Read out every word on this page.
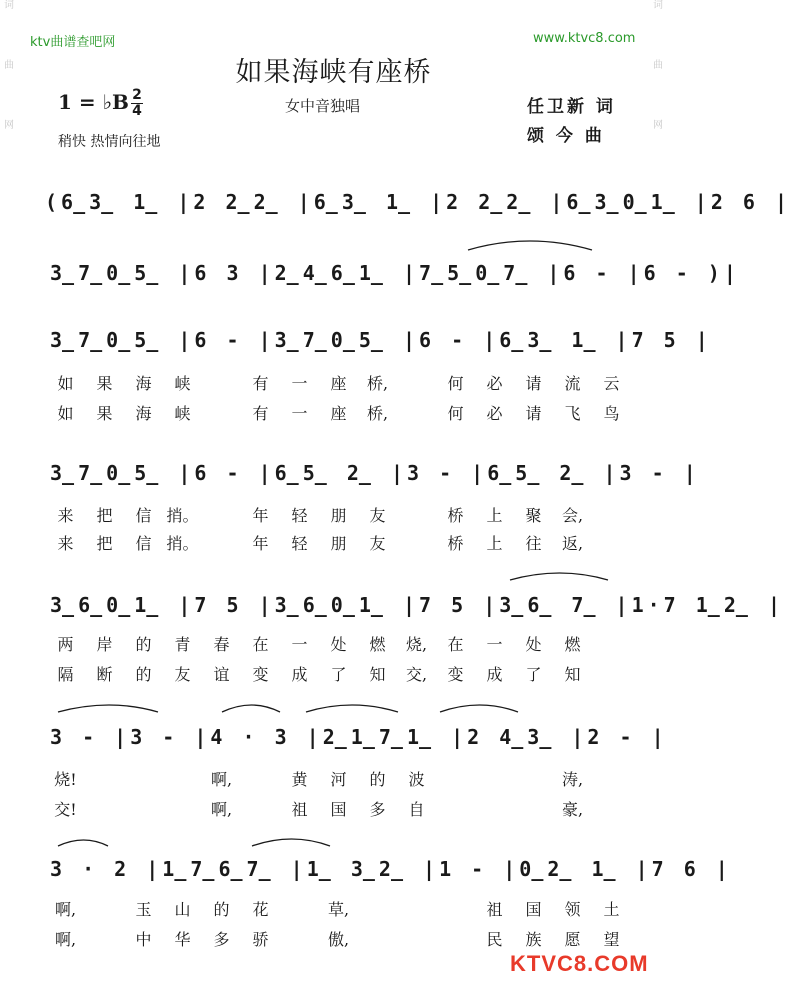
词
曲
网
词
曲
网
ktv曲谱查吧网	www.ktvc8.com
如果海峡有座桥
1 = ♭B 2
4	女中音独唱
稍快 热情向往地
任卫新 词
颂 今 曲
(6̲3̲ 1̲ |2 2̲2̲ |6̲3̲ 1̲ |2 2̲2̲ |6̲3̲0̲1̲ |2 6 |
3̲7̲0̲5̲ |6 3 |2̲4̲6̲1̲ |7̲5̲0̲7̲ |6 - |6 - )|
3̲7̲0̲5̲ |6 - |3̲7̲0̲5̲ |6 - |6̲3̲ 1̲ |7 5 |
3̲7̲0̲5̲ |6 - |6̲5̲ 2̲ |3 - |6̲5̲ 2̲ |3 - |
3̲6̲0̲1̲ |7 5 |3̲6̲0̲1̲ |7 5 |3̲6̲ 7̲ |1·7 1̲2̲ |
3 - |3 - |4 · 3 |2̲1̲7̲1̲ |2 4̲3̲ |2 - |
3 · 2 |1̲7̲6̲7̲ |1̲ 3̲2̲ |1 - |0̲2̲ 1̲ |7 6 |
如 果 海 峡	有 一 座 桥,	何 必 请 流 云
如 果 海 峡	有 一 座 桥,	何 必 请 飞 鸟
来 把 信 捎。	年 轻 朋 友	桥 上 聚 会,
来 把 信 捎。	年 轻 朋 友	桥 上 往 返,
两 岸 的 青 春 在 一 处 燃 烧, 在 一 处 燃
隔 断 的 友 谊 变 成 了 知 交, 变 成 了 知
烧!	啊,	黄 河 的 波	涛,
交!	啊,	祖 国 多 自	豪,
啊,	玉 山 的 花	草,	祖 国 领 土
啊,	中 华 多 骄	傲,	民 族 愿 望
KTVC8.COM
